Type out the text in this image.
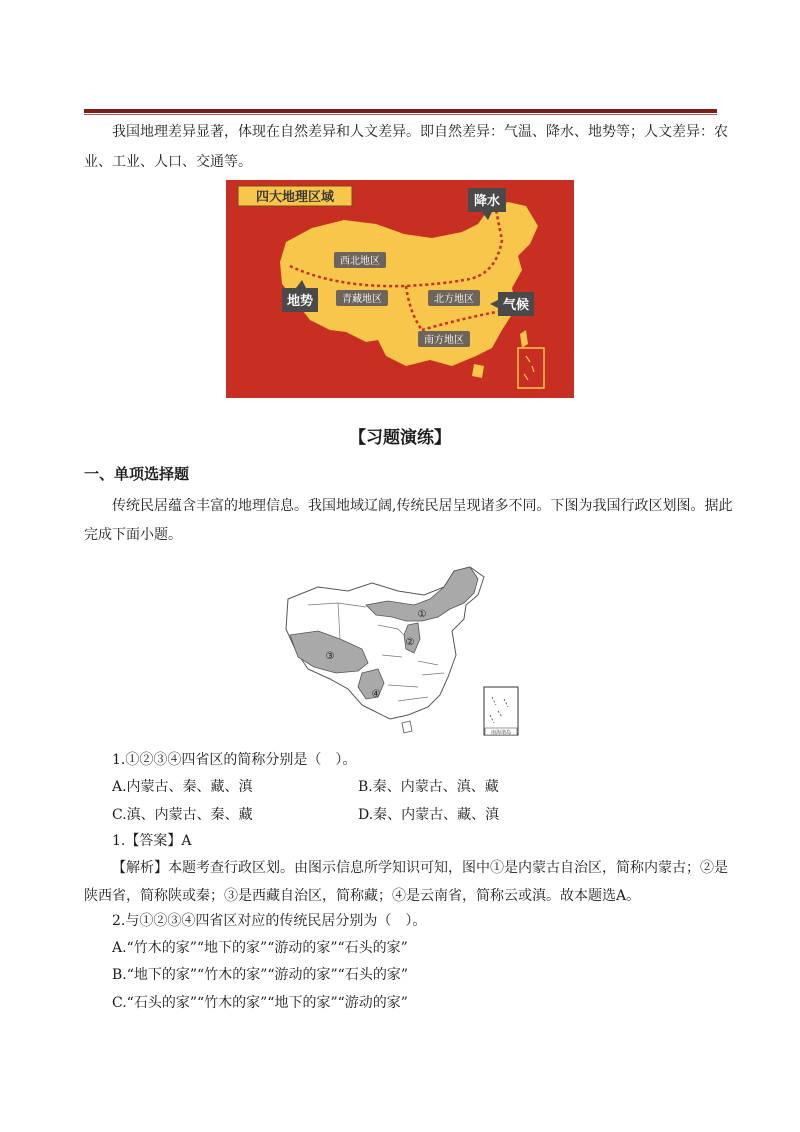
我国地理差异显著，体现在自然差异和人文差异。即自然差异：气温、降水、地势等；人文差异：农
业、工业、人口、交通等。
四大地理区域
西北地区
青藏地区	北方地区
南方地区
降水
地势	气候
【习题演练】
一、单项选择题
传统民居蕴含丰富的地理信息。我国地域辽阔,传统民居呈现诸多不同。下图为我国行政区划图。据此
完成下面小题。
①
②
③
④
南海诸岛
1.①②③④四省区的简称分别是（　）。
A.内蒙古、秦、藏、滇	B.秦、内蒙古、滇、藏
C.滇、内蒙古、秦、藏	D.秦、内蒙古、藏、滇
1.【答案】A
【解析】本题考查行政区划。由图示信息所学知识可知，图中①是内蒙古自治区，简称内蒙古；②是
陕西省，简称陕或秦；③是西藏自治区，简称藏；④是云南省，简称云或滇。故本题选A。
2.与①②③④四省区对应的传统民居分别为（　）。
A.“竹木的家”“地下的家”“游动的家”“石头的家”
B.“地下的家”“竹木的家”“游动的家”“石头的家”
C.“石头的家”“竹木的家”“地下的家”“游动的家”
